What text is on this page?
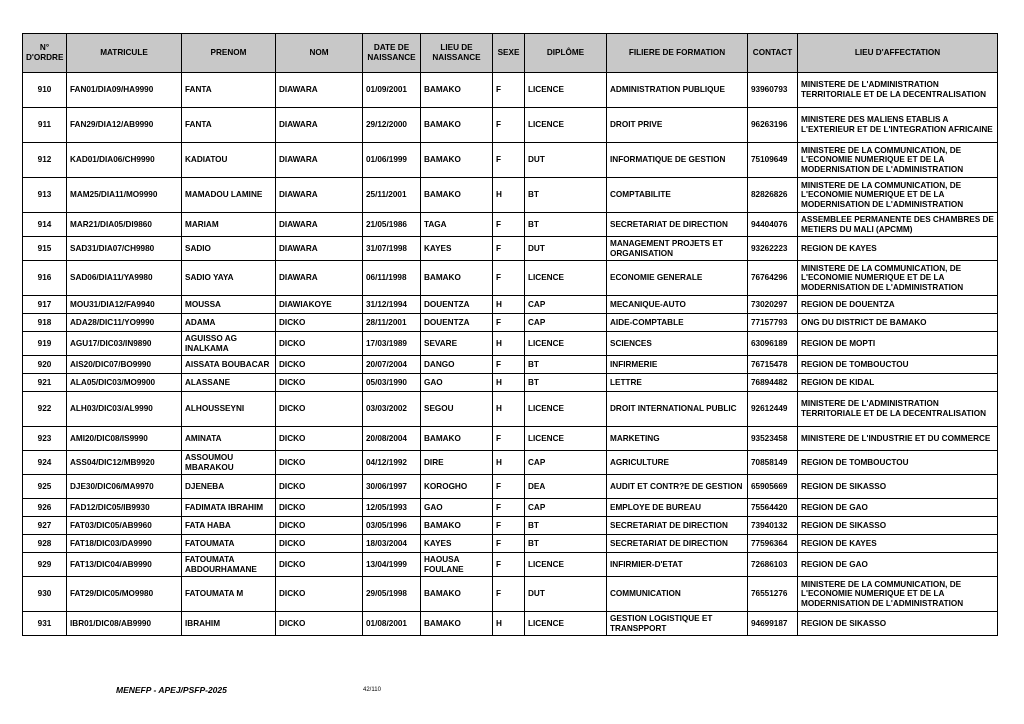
N° D'ORDRE	MATRICULE	PRENOM	NOM	DATE DE NAISSANCE	LIEU DE NAISSANCE	SEXE	DIPLÔME	FILIERE DE FORMATION	CONTACT	LIEU D'AFFECTATION
910	FAN01/DIA09/HA9990	FANTA	DIAWARA	01/09/2001	BAMAKO	F	LICENCE	ADMINISTRATION PUBLIQUE	93960793	MINISTERE DE L'ADMINISTRATION TERRITORIALE ET DE LA DECENTRALISATION
911	FAN29/DIA12/AB9990	FANTA	DIAWARA	29/12/2000	BAMAKO	F	LICENCE	DROIT PRIVE	96263196	MINISTERE DES MALIENS ETABLIS A L'EXTERIEUR ET DE L'INTEGRATION AFRICAINE
912	KAD01/DIA06/CH9990	KADIATOU	DIAWARA	01/06/1999	BAMAKO	F	DUT	INFORMATIQUE DE GESTION	75109649	MINISTERE DE LA COMMUNICATION, DE L'ECONOMIE NUMERIQUE ET DE LA MODERNISATION DE L'ADMINISTRATION
913	MAM25/DIA11/MO9990	MAMADOU LAMINE	DIAWARA	25/11/2001	BAMAKO	H	BT	COMPTABILITE	82826826	MINISTERE DE LA COMMUNICATION, DE L'ECONOMIE NUMERIQUE ET DE LA MODERNISATION DE L'ADMINISTRATION
914	MAR21/DIA05/DI9860	MARIAM	DIAWARA	21/05/1986	TAGA	F	BT	SECRETARIAT DE DIRECTION	94404076	ASSEMBLEE PERMANENTE DES CHAMBRES DE METIERS DU MALI (APCMM)
915	SAD31/DIA07/CH9980	SADIO	DIAWARA	31/07/1998	KAYES	F	DUT	MANAGEMENT PROJETS ET ORGANISATION	93262223	REGION DE KAYES
916	SAD06/DIA11/YA9980	SADIO YAYA	DIAWARA	06/11/1998	BAMAKO	F	LICENCE	ECONOMIE GENERALE	76764296	MINISTERE DE LA COMMUNICATION, DE L'ECONOMIE NUMERIQUE ET DE LA MODERNISATION DE L'ADMINISTRATION
917	MOU31/DIA12/FA9940	MOUSSA	DIAWIAKOYE	31/12/1994	DOUENTZA	H	CAP	MECANIQUE-AUTO	73020297	REGION DE DOUENTZA
918	ADA28/DIC11/YO9990	ADAMA	DICKO	28/11/2001	DOUENTZA	F	CAP	AIDE-COMPTABLE	77157793	ONG DU DISTRICT DE BAMAKO
919	AGU17/DIC03/IN9890	AGUISSO AG INALKAMA	DICKO	17/03/1989	SEVARE	H	LICENCE	SCIENCES	63096189	REGION DE MOPTI
920	AIS20/DIC07/BO9990	AISSATA BOUBACAR	DICKO	20/07/2004	DANGO	F	BT	INFIRMERIE	76715478	REGION DE TOMBOUCTOU
921	ALA05/DIC03/MO9900	ALASSANE	DICKO	05/03/1990	GAO	H	BT	LETTRE	76894482	REGION DE KIDAL
922	ALH03/DIC03/AL9990	ALHOUSSEYNI	DICKO	03/03/2002	SEGOU	H	LICENCE	DROIT INTERNATIONAL PUBLIC	92612449	MINISTERE DE L'ADMINISTRATION TERRITORIALE ET DE LA DECENTRALISATION
923	AMI20/DIC08/IS9990	AMINATA	DICKO	20/08/2004	BAMAKO	F	LICENCE	MARKETING	93523458	MINISTERE DE L'INDUSTRIE ET DU COMMERCE
924	ASS04/DIC12/MB9920	ASSOUMOU MBARAKOU	DICKO	04/12/1992	DIRE	H	CAP	AGRICULTURE	70858149	REGION DE TOMBOUCTOU
925	DJE30/DIC06/MA9970	DJENEBA	DICKO	30/06/1997	KOROGHO	F	DEA	AUDIT ET CONTR?E DE GESTION	65905669	REGION DE SIKASSO
926	FAD12/DIC05/IB9930	FADIMATA IBRAHIM	DICKO	12/05/1993	GAO	F	CAP	EMPLOYE DE BUREAU	75564420	REGION DE GAO
927	FAT03/DIC05/AB9960	FATA HABA	DICKO	03/05/1996	BAMAKO	F	BT	SECRETARIAT DE DIRECTION	73940132	REGION DE SIKASSO
928	FAT18/DIC03/DA9990	FATOUMATA	DICKO	18/03/2004	KAYES	F	BT	SECRETARIAT DE DIRECTION	77596364	REGION DE KAYES
929	FAT13/DIC04/AB9990	FATOUMATA ABDOURHAMANE	DICKO	13/04/1999	HAOUSA FOULANE	F	LICENCE	INFIRMIER-D'ETAT	72686103	REGION DE GAO
930	FAT29/DIC05/MO9980	FATOUMATA M	DICKO	29/05/1998	BAMAKO	F	DUT	COMMUNICATION	76551276	MINISTERE DE LA COMMUNICATION, DE L'ECONOMIE NUMERIQUE ET DE LA MODERNISATION DE L'ADMINISTRATION
931	IBR01/DIC08/AB9990	IBRAHIM	DICKO	01/08/2001	BAMAKO	H	LICENCE	GESTION LOGISTIQUE ET TRANSPPORT	94699187	REGION DE SIKASSO
MENEFP - APEJ/PSFP-2025	42/110
